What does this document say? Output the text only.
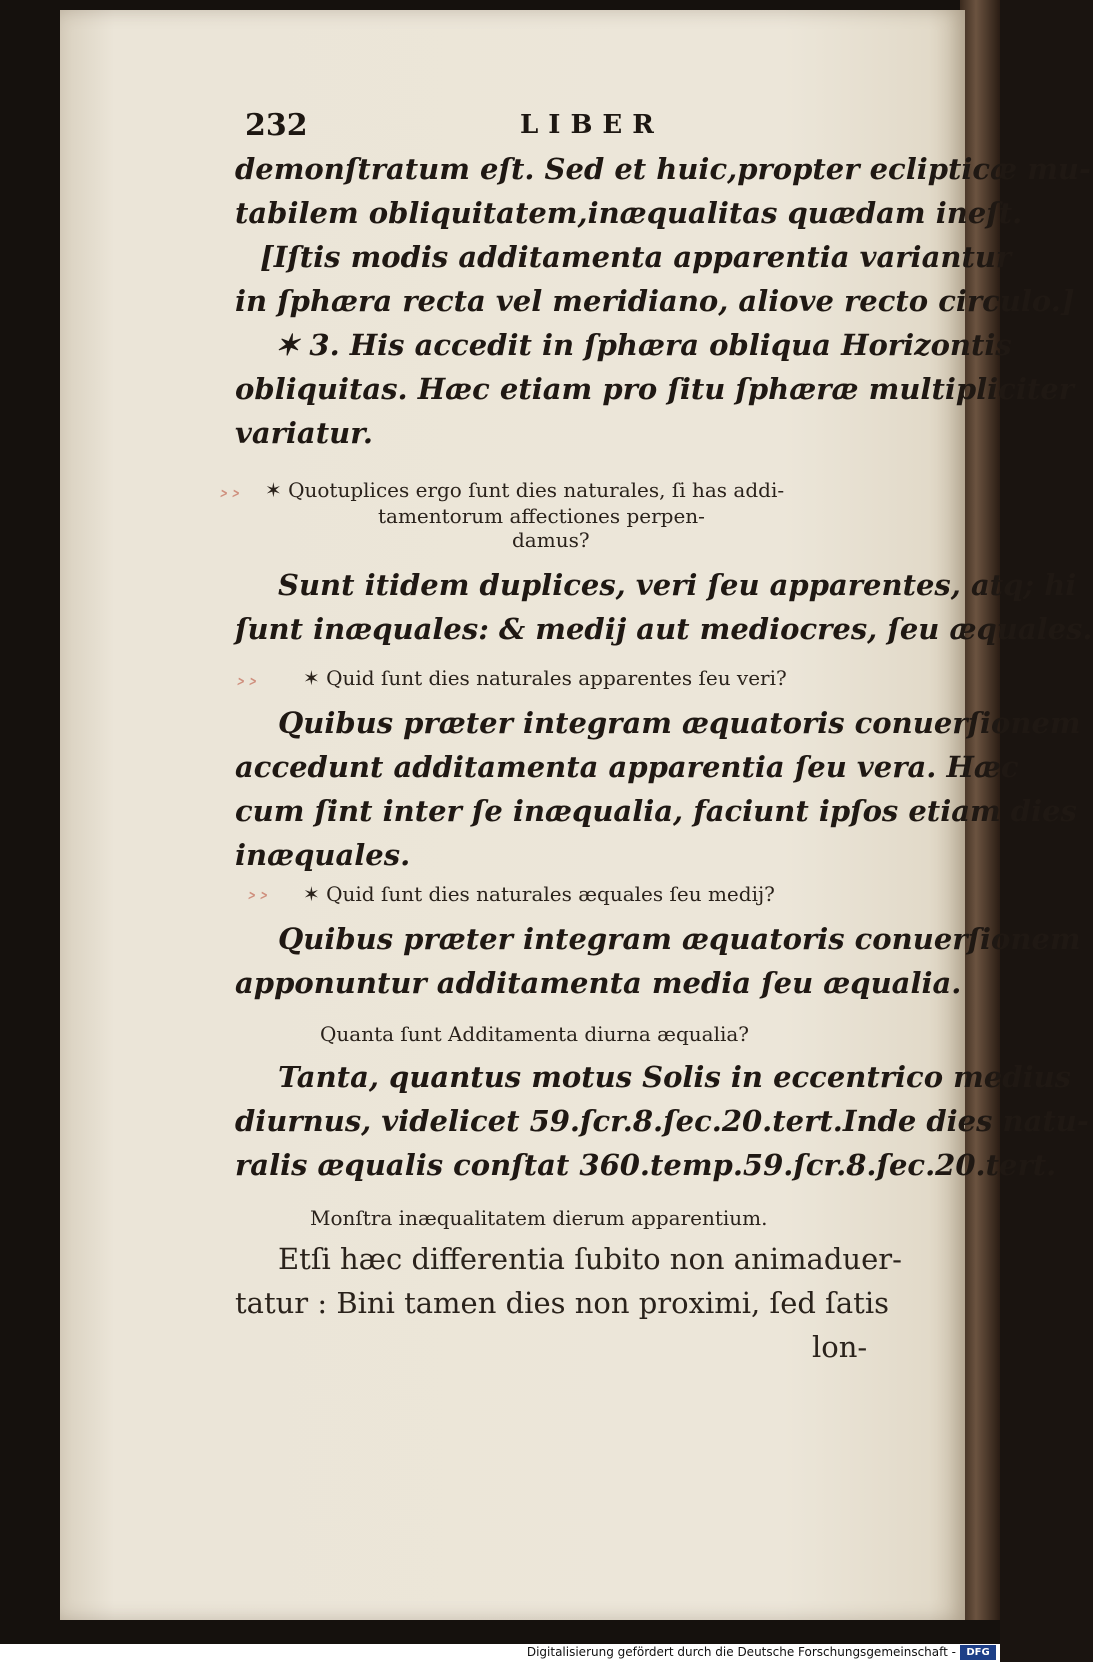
232	LIBER
demonſtratum eſt. Sed et huic,propter eclipticæ mu-
tabilem obliquitatem,inæqualitas quædam ineſt.
[Iſtis modis additamenta apparentia variantur
in ſphæra recta vel meridiano, aliove recto circulo.]
✶ 3. His accedit in ſphæra obliqua Horizontis
obliquitas. Hæc etiam pro ſitu ſphæræ multipliciter
variatur.
˃˃ ✶ Quotuplices ergo ſunt dies naturales, ſi has addi-
tamentorum affectiones perpen-
damus?
Sunt itidem duplices, veri ſeu apparentes, atq; hi
ſunt inæquales: & medij aut mediocres, ſeu æquales.
˃˃ ✶ Quid ſunt dies naturales apparentes ſeu veri?
Quibus præter integram æquatoris conuerſionem
accedunt additamenta apparentia ſeu vera. Hæc
cum ſint inter ſe inæqualia, faciunt ipſos etiam dies
inæquales.
˃˃ ✶ Quid ſunt dies naturales æquales ſeu medij?
Quibus præter integram æquatoris conuerſionem
apponuntur additamenta media ſeu æqualia.
Quanta ſunt Additamenta diurna æqualia?
Tanta, quantus motus Solis in eccentrico medius
diurnus, videlicet 59.ſcr.8.ſec.20.tert.Inde dies natu-
ralis æqualis conſtat 360.temp.59.ſcr.8.ſec.20.tert.
Monſtra inæqualitatem dierum apparentium.
Etſi hæc differentia ſubito non animaduer-
tatur : Bini tamen dies non proximi, ſed ſatis
lon-
Digitalisierung gefördert durch die Deutsche Forschungsgemeinschaft -	DFG
